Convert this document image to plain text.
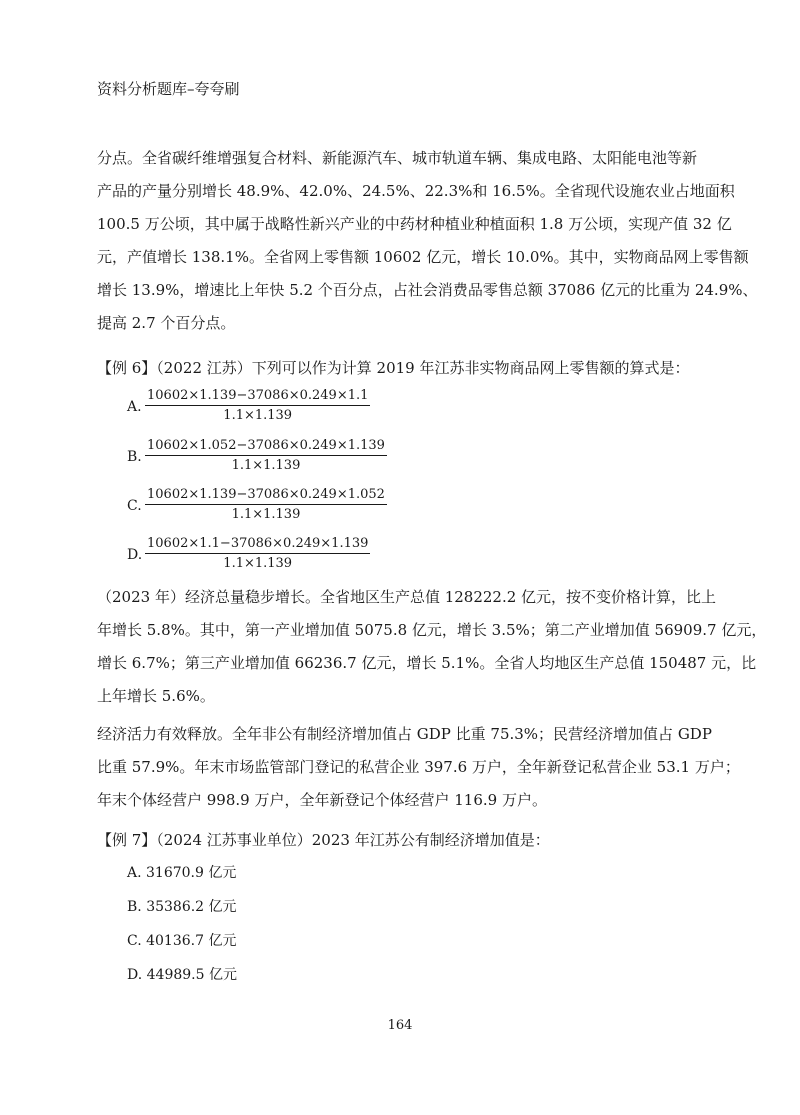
资料分析题库–夸夸刷
分点。全省碳纤维增强复合材料、新能源汽车、城市轨道车辆、集成电路、太阳能电池等新
产品的产量分别增长 48.9%、42.0%、24.5%、22.3%和 16.5%。全省现代设施农业占地面积
100.5 万公顷，其中属于战略性新兴产业的中药材种植业种植面积 1.8 万公顷，实现产值 32 亿
元，产值增长 138.1%。全省网上零售额 10602 亿元，增长 10.0%。其中，实物商品网上零售额
增长 13.9%，增速比上年快 5.2 个百分点，占社会消费品零售总额 37086 亿元的比重为 24.9%、
提高 2.7 个百分点。
【例 6】（2022 江苏）下列可以作为计算 2019 年江苏非实物商品网上零售额的算式是：
A. $\frac{10602\times 1.139-37086\times 0.249\times 1.1}{1.1\times 1.139}$
B. $\frac{10602\times 1.052-37086\times 0.249\times 1.139}{1.1\times 1.139}$
C. $\frac{10602\times 1.139-37086\times 0.249\times 1.052}{1.1\times 1.139}$
D. $\frac{10602\times 1.1-37086\times 0.249\times 1.139}{1.1\times 1.139}$
（2023 年）经济总量稳步增长。全省地区生产总值 128222.2 亿元，按不变价格计算，比上
年增长 5.8%。其中，第一产业增加值 5075.8 亿元，增长 3.5%；第二产业增加值 56909.7 亿元，
增长 6.7%；第三产业增加值 66236.7 亿元，增长 5.1%。全省人均地区生产总值 150487 元，比
上年增长 5.6%。
经济活力有效释放。全年非公有制经济增加值占 GDP 比重 75.3%；民营经济增加值占 GDP
比重 57.9%。年末市场监管部门登记的私营企业 397.6 万户，全年新登记私营企业 53.1 万户；
年末个体经营户 998.9 万户，全年新登记个体经营户 116.9 万户。
【例 7】（2024 江苏事业单位）2023 年江苏公有制经济增加值是：
A. 31670.9 亿元
B. 35386.2 亿元
C. 40136.7 亿元
D. 44989.5 亿元
164
